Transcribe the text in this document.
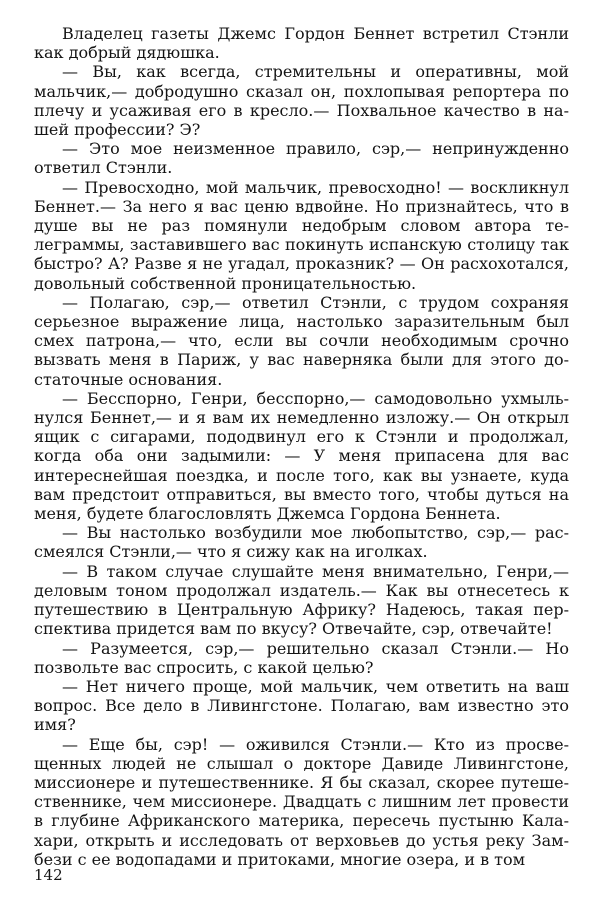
Владелец газеты Джемс Гордон Беннет встретил Стэнли как добрый дядюшка.

— Вы, как всегда, стремительны и оперативны, мой мальчик,— добродушно сказал он, похлопывая репортера по плечу и усаживая его в кресло.— Похвальное качество в нашей профессии? Э?

— Это мое неизменное правило, сэр,— непринужденно ответил Стэнли.

— Превосходно, мой мальчик, превосходно! — воскликнул Беннет.— За него я вас ценю вдвойне. Но признайтесь, что в душе вы не раз помянули недобрым словом автора телеграммы, заставившего вас покинуть испанскую столицу так быстро? А? Разве я не угадал, проказник? — Он расхохотался, довольный собственной проницательностью.

— Полагаю, сэр,— ответил Стэнли, с трудом сохраняя серьезное выражение лица, настолько заразительным был смех патрона,— что, если вы сочли необходимым срочно вызвать меня в Париж, у вас наверняка были для этого достаточные основания.

— Бесспорно, Генри, бесспорно,— самодовольно ухмыльнулся Беннет,— и я вам их немедленно изложу.— Он открыл ящик с сигарами, пододвинул его к Стэнли и продолжал, когда оба они задымили: — У меня припасена для вас интереснейшая поездка, и после того, как вы узнаете, куда вам предстоит отправиться, вы вместо того, чтобы дуться на меня, будете благословлять Джемса Гордона Беннета.

— Вы настолько возбудили мое любопытство, сэр,— рассмеялся Стэнли,— что я сижу как на иголках.

— В таком случае слушайте меня внимательно, Генри,— деловым тоном продолжал издатель.— Как вы отнесетесь к путешествию в Центральную Африку? Надеюсь, такая перспектива придется вам по вкусу? Отвечайте, сэр, отвечайте!

— Разумеется, сэр,— решительно сказал Стэнли.— Но позвольте вас спросить, с какой целью?

— Нет ничего проще, мой мальчик, чем ответить на ваш вопрос. Все дело в Ливингстоне. Полагаю, вам известно это имя?

— Еще бы, сэр! — оживился Стэнли.— Кто из просвещенных людей не слышал о докторе Давиде Ливингстоне, миссионере и путешественнике. Я бы сказал, скорее путешественнике, чем миссионере. Двадцать с лишним лет провести в глубине Африканского материка, пересечь пустыню Калахари, открыть и исследовать от верховьев до устья реку Замбези с ее водопадами и притоками, многие озера, и в том

142
